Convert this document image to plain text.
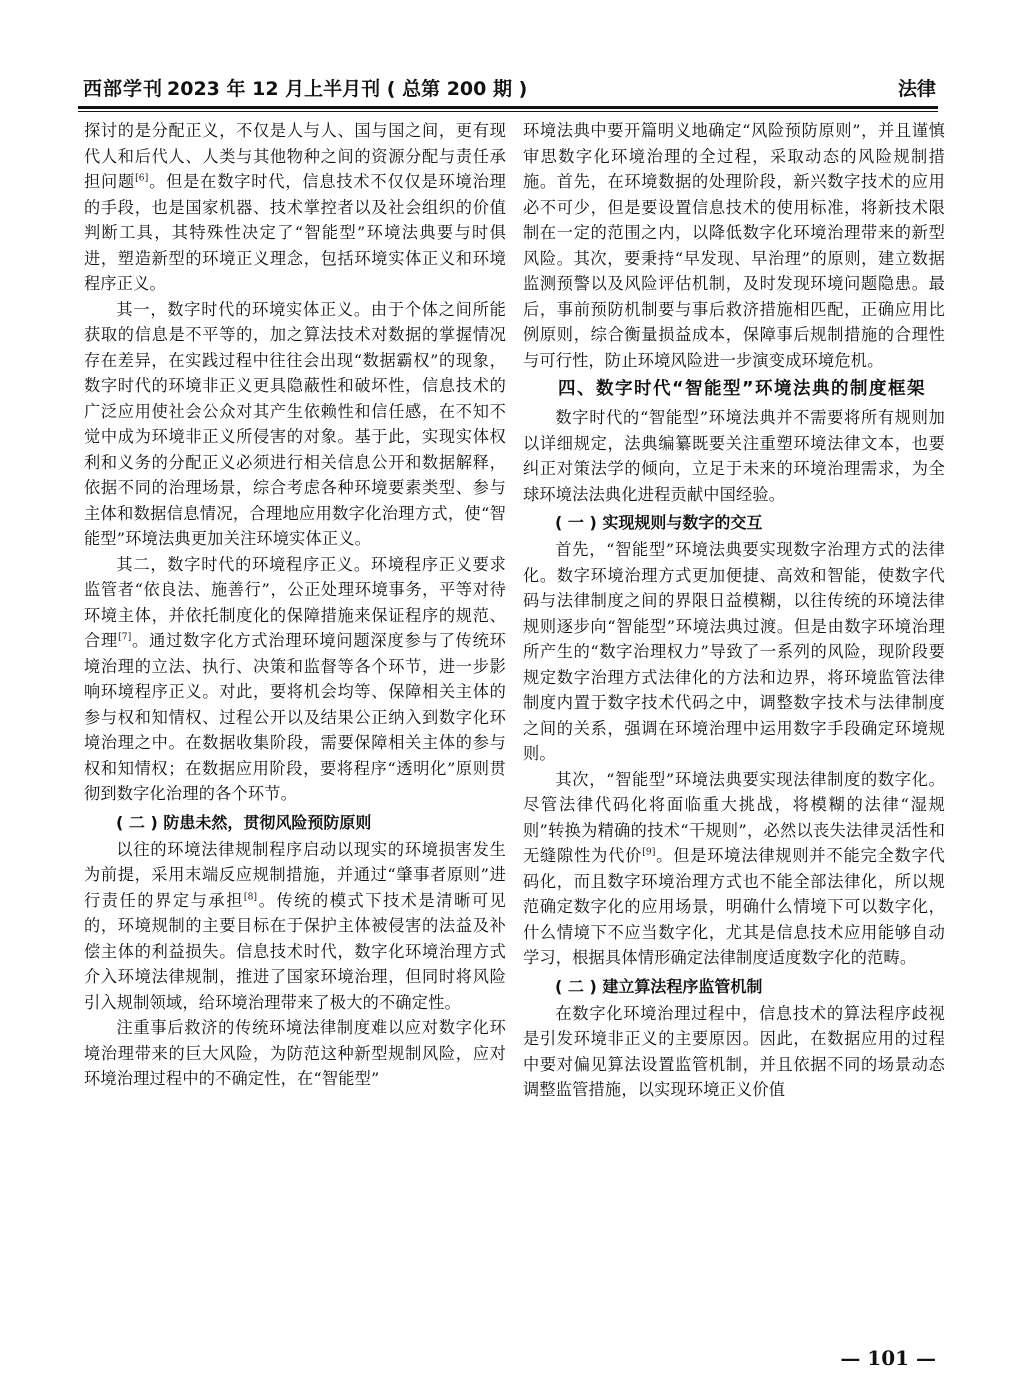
西部学刊 2023 年 12 月上半月刊 ( 总第 200 期 )	法律

探讨的是分配正义，不仅是人与人、国与国之间，更有现代人和后代人、人类与其他物种之间的资源分配与责任承担问题[6]。但是在数字时代，信息技术不仅仅是环境治理的手段，也是国家机器、技术掌控者以及社会组织的价值判断工具，其特殊性决定了“智能型”环境法典要与时俱进，塑造新型的环境正义理念，包括环境实体正义和环境程序正义。

其一，数字时代的环境实体正义。由于个体之间所能获取的信息是不平等的，加之算法技术对数据的掌握情况存在差异，在实践过程中往往会出现“数据霸权”的现象，数字时代的环境非正义更具隐蔽性和破坏性，信息技术的广泛应用使社会公众对其产生依赖性和信任感，在不知不觉中成为环境非正义所侵害的对象。基于此，实现实体权利和义务的分配正义必须进行相关信息公开和数据解释，依据不同的治理场景，综合考虑各种环境要素类型、参与主体和数据信息情况，合理地应用数字化治理方式，使“智能型”环境法典更加关注环境实体正义。

其二，数字时代的环境程序正义。环境程序正义要求监管者“依良法、施善行”，公正处理环境事务，平等对待环境主体，并依托制度化的保障措施来保证程序的规范、合理[7]。通过数字化方式治理环境问题深度参与了传统环境治理的立法、执行、决策和监督等各个环节，进一步影响环境程序正义。对此，要将机会均等、保障相关主体的参与权和知情权、过程公开以及结果公正纳入到数字化环境治理之中。在数据收集阶段，需要保障相关主体的参与权和知情权；在数据应用阶段，要将程序“透明化”原则贯彻到数字化治理的各个环节。

( 二 ) 防患未然，贯彻风险预防原则

以往的环境法律规制程序启动以现实的环境损害发生为前提，采用末端反应规制措施，并通过“肇事者原则”进行责任的界定与承担[8]。传统的模式下技术是清晰可见的，环境规制的主要目标在于保护主体被侵害的法益及补偿主体的利益损失。信息技术时代，数字化环境治理方式介入环境法律规制，推进了国家环境治理，但同时将风险引入规制领域，给环境治理带来了极大的不确定性。

注重事后救济的传统环境法律制度难以应对数字化环境治理带来的巨大风险，为防范这种新型规制风险，应对环境治理过程中的不确定性，在“智能型”

环境法典中要开篇明义地确定“风险预防原则”，并且谨慎审思数字化环境治理的全过程，采取动态的风险规制措施。首先，在环境数据的处理阶段，新兴数字技术的应用必不可少，但是要设置信息技术的使用标准，将新技术限制在一定的范围之内，以降低数字化环境治理带来的新型风险。其次，要秉持“早发现、早治理”的原则，建立数据监测预警以及风险评估机制，及时发现环境问题隐患。最后，事前预防机制要与事后救济措施相匹配，正确应用比例原则，综合衡量损益成本，保障事后规制措施的合理性与可行性，防止环境风险进一步演变成环境危机。

四、数字时代“智能型”环境法典的制度框架

数字时代的“智能型”环境法典并不需要将所有规则加以详细规定，法典编纂既要关注重塑环境法律文本，也要纠正对策法学的倾向，立足于未来的环境治理需求，为全球环境法法典化进程贡献中国经验。

( 一 ) 实现规则与数字的交互

首先，“智能型”环境法典要实现数字治理方式的法律化。数字环境治理方式更加便捷、高效和智能，使数字代码与法律制度之间的界限日益模糊，以往传统的环境法律规则逐步向“智能型”环境法典过渡。但是由数字环境治理所产生的“数字治理权力”导致了一系列的风险，现阶段要规定数字治理方式法律化的方法和边界，将环境监管法律制度内置于数字技术代码之中，调整数字技术与法律制度之间的关系，强调在环境治理中运用数字手段确定环境规则。

其次，“智能型”环境法典要实现法律制度的数字化。尽管法律代码化将面临重大挑战，将模糊的法律“湿规则”转换为精确的技术“干规则”，必然以丧失法律灵活性和无缝隙性为代价[9]。但是环境法律规则并不能完全数字代码化，而且数字环境治理方式也不能全部法律化，所以规范确定数字化的应用场景，明确什么情境下可以数字化，什么情境下不应当数字化，尤其是信息技术应用能够自动学习，根据具体情形确定法律制度适度数字化的范畴。

( 二 ) 建立算法程序监管机制

在数字化环境治理过程中，信息技术的算法程序歧视是引发环境非正义的主要原因。因此，在数据应用的过程中要对偏见算法设置监管机制，并且依据不同的场景动态调整监管措施，以实现环境正义价值

— 101 —
